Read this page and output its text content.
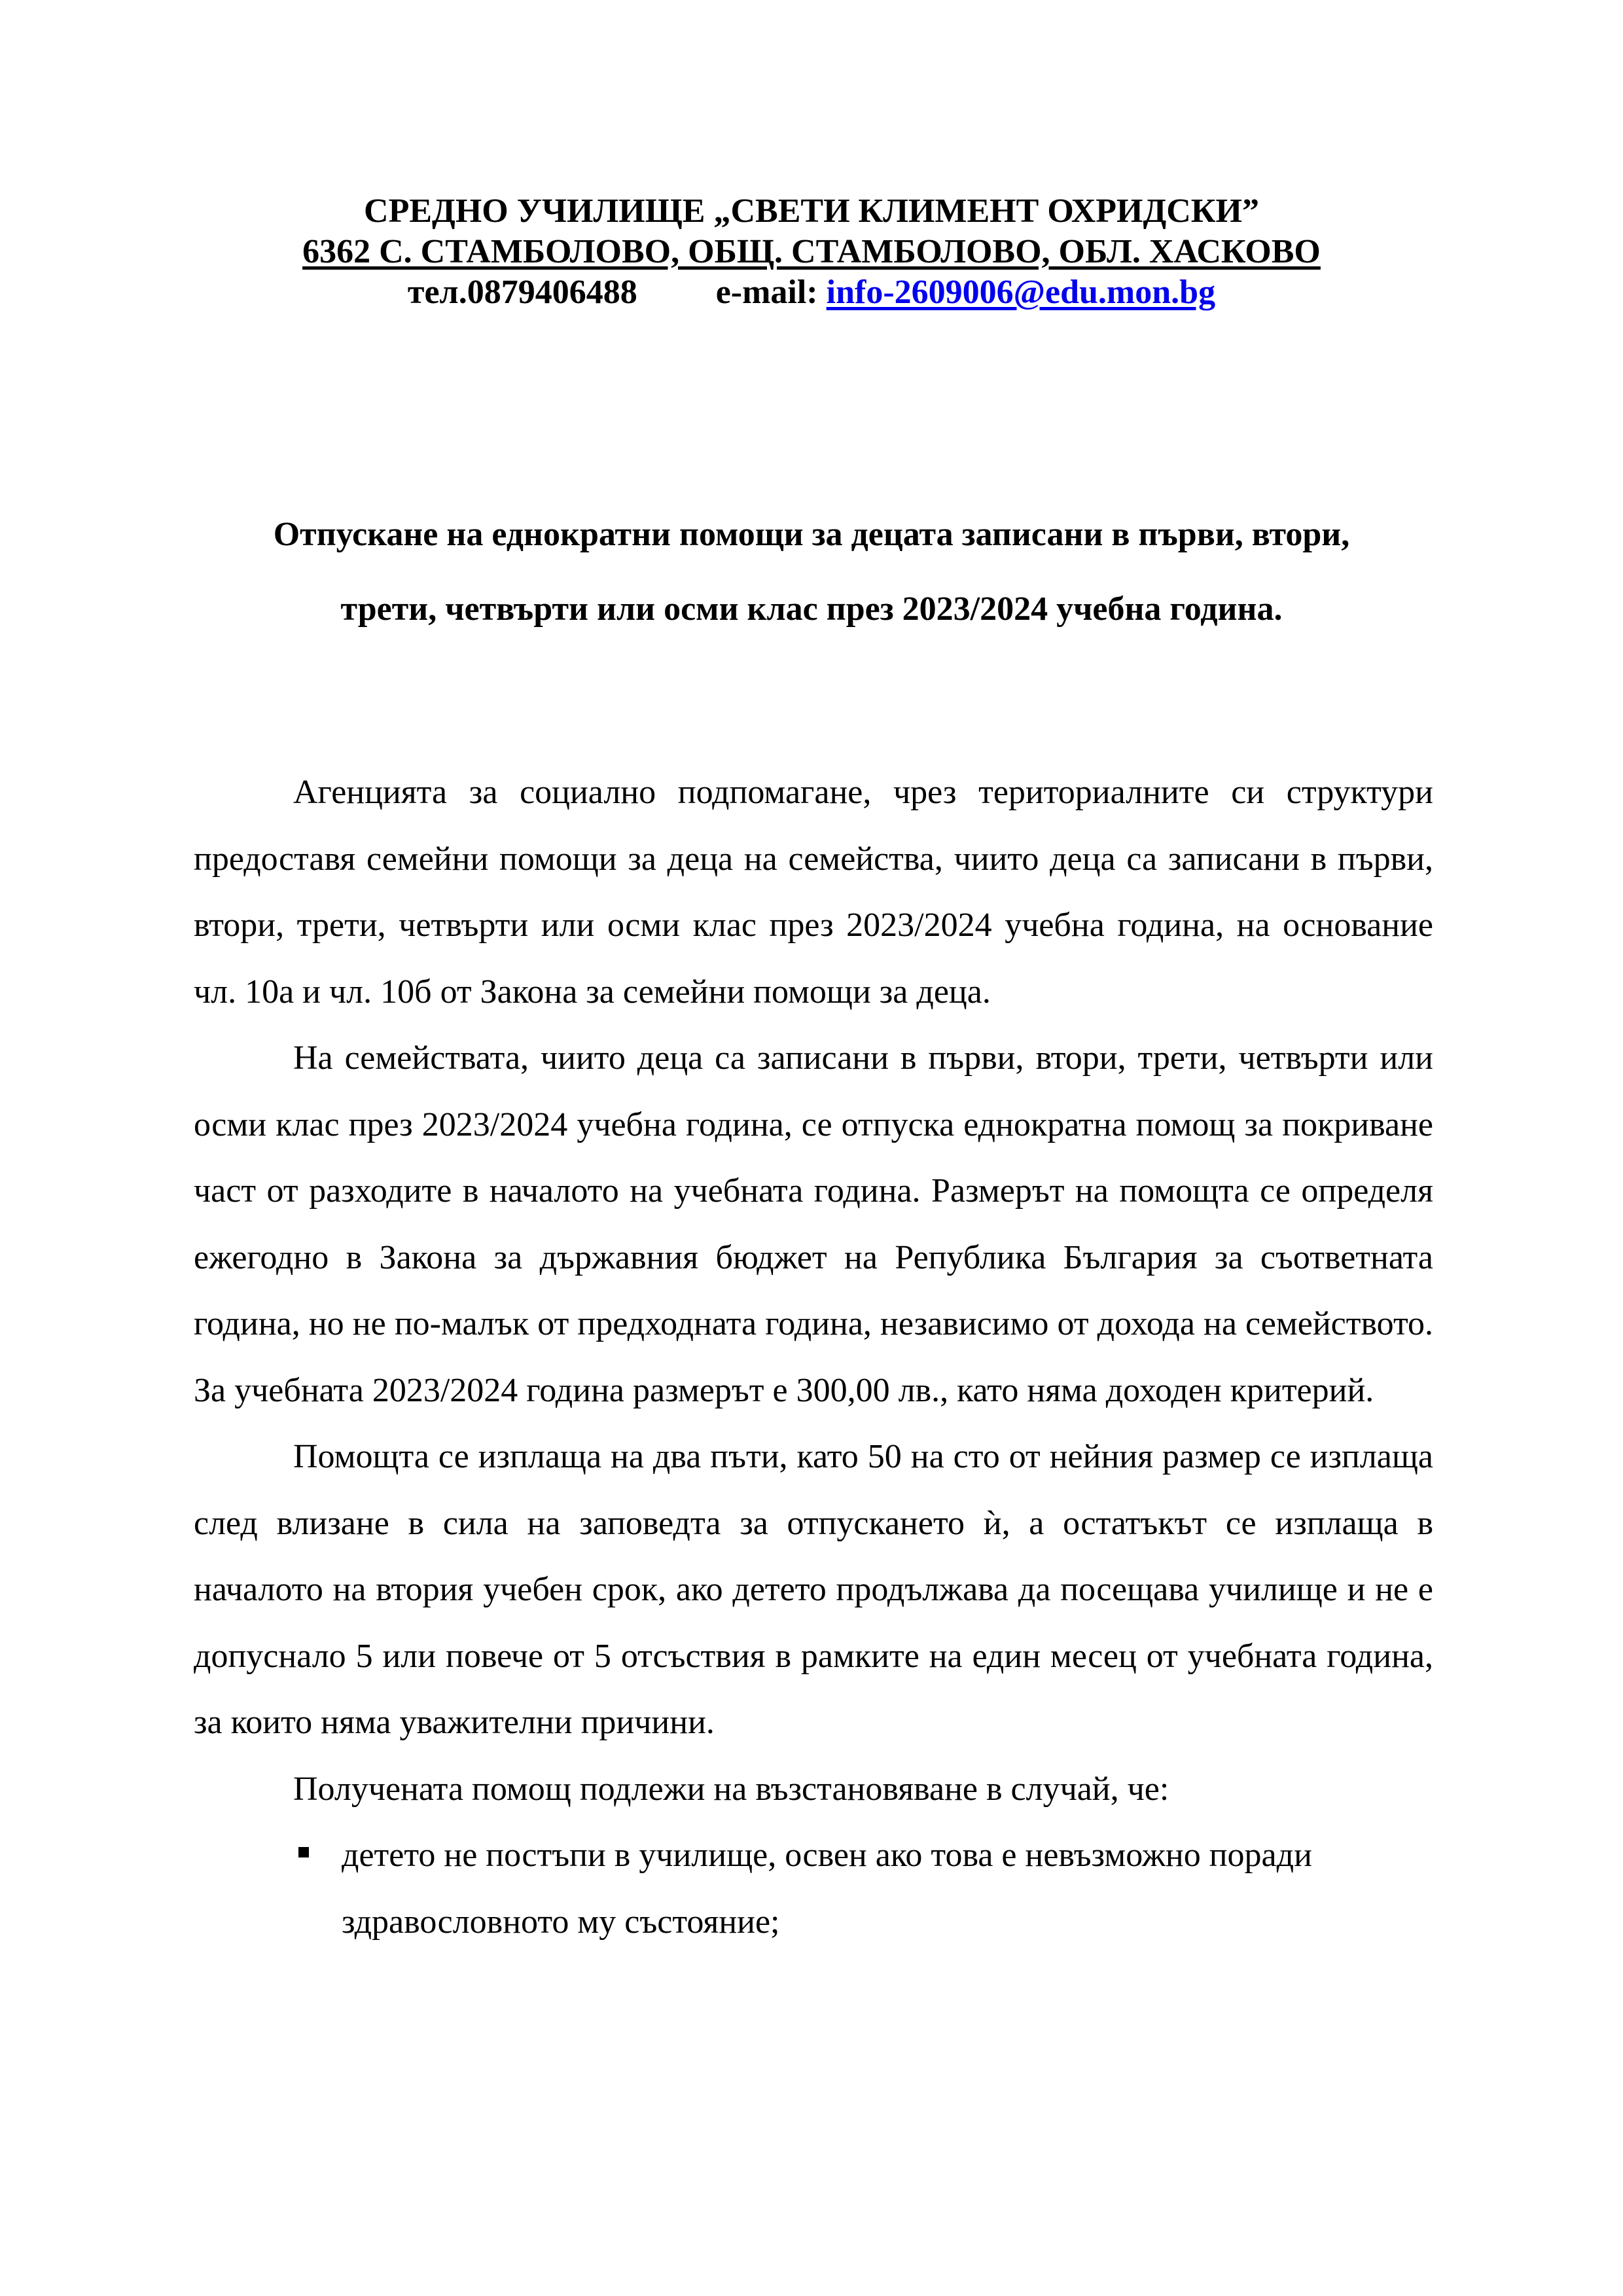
СРЕДНО УЧИЛИЩЕ „СВЕТИ КЛИМЕНТ ОХРИДСКИ”
6362 С. СТАМБОЛОВО, ОБЩ. СТАМБОЛОВО, ОБЛ. ХАСКОВО
тел.0879406488 e-mail: info-2609006@edu.mon.bg
Отпускане на еднократни помощи за децата записани в първи, втори,
трети, четвърти или осми клас през 2023/2024 учебна година.

Агенцията за социално подпомагане, чрез териториалните си структури предоставя семейни помощи за деца на семейства, чиито деца са записани в първи, втори, трети, четвърти или осми клас през 2023/2024 учебна година, на основание чл. 10а и чл. 10б от Закона за семейни помощи за деца.

На семействата, чиито деца са записани в първи, втори, трети, четвърти или осми клас през 2023/2024 учебна година, се отпуска еднократна помощ за покриване част от разходите в началото на учебната година. Размерът на помощта се определя ежегодно в Закона за държавния бюджет на Република България за съответната година, но не по-малък от предходната година, независимо от дохода на семейството. За учебната 2023/2024 година размерът е 300,00 лв., като няма доходен критерий.

Помощта се изплаща на два пъти, като 50 на сто от нейния размер се изплаща след влизане в сила на заповедта за отпускането ѝ, а остатъкът се изплаща в началото на втория учебен срок, ако детето продължава да посещава училище и не е допуснало 5 или повече от 5 отсъствия в рамките на един месец от учебната година, за които няма уважителни причини.

Получената помощ подлежи на възстановяване в случай, че:

детето не постъпи в училище, освен ако това е невъзможно поради здравословното му състояние;
